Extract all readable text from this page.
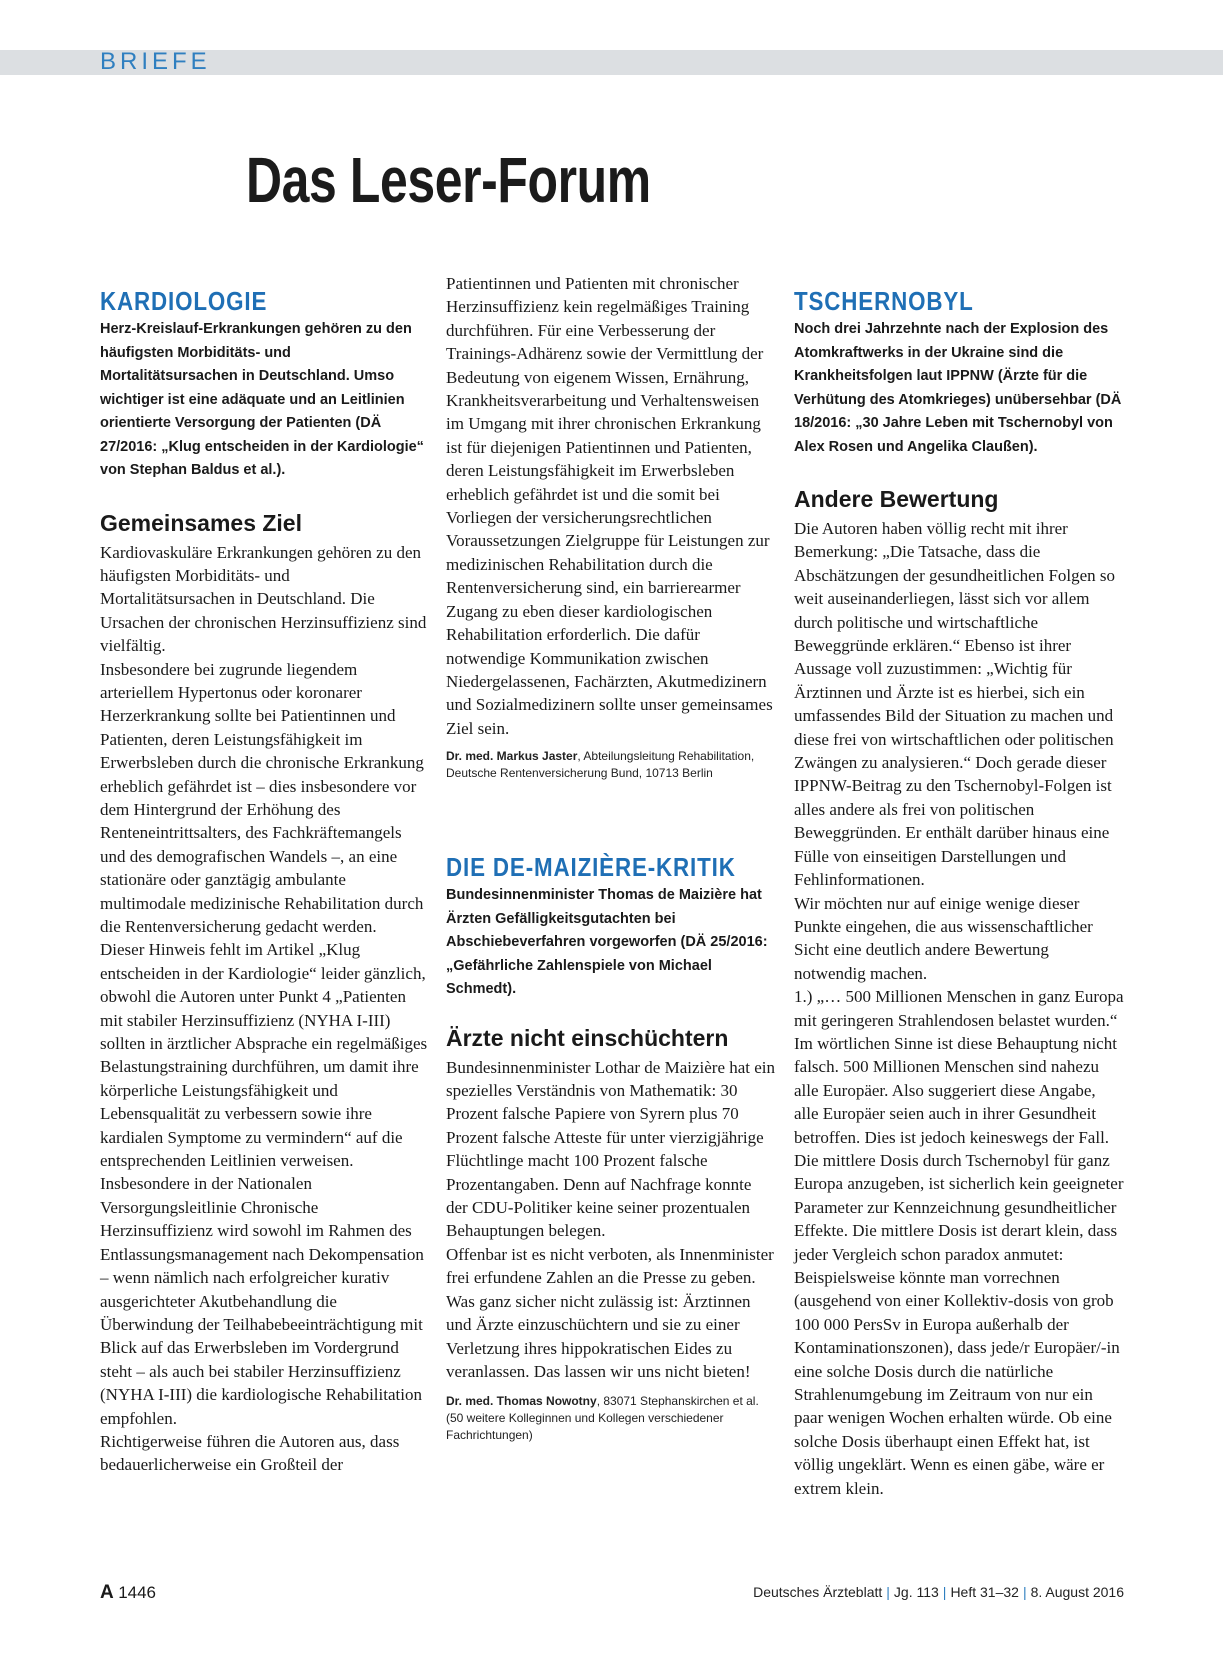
BRIEFE
Das Leser-Forum
KARDIOLOGIE

Herz-Kreislauf-Erkrankungen gehören zu den häufigsten Morbiditäts- und Mortalitätsursachen in Deutschland. Umso wichtiger ist eine adäquate und an Leitlinien orientierte Versorgung der Patienten (DÄ 27/2016: „Klug entscheiden in der Kardiologie“ von Stephan Baldus et al.).

Gemeinsames Ziel

Kardiovaskuläre Erkrankungen gehören zu den häufigsten Morbiditäts- und Mortalitätsursachen in Deutschland. Die Ursachen der chronischen Herzinsuffizienz sind vielfältig.

Insbesondere bei zugrunde liegendem arteriellem Hypertonus oder koronarer Herzerkrankung sollte bei Patientinnen und Patienten, deren Leistungsfähigkeit im Erwerbsleben durch die chronische Erkrankung erheblich gefährdet ist – dies insbesondere vor dem Hintergrund der Erhöhung des Renteneintrittsalters, des Fachkräftemangels und des demografischen Wandels –, an eine stationäre oder ganztägig ambulante multimodale medizinische Rehabilitation durch die Rentenversicherung gedacht werden.

Dieser Hinweis fehlt im Artikel „Klug entscheiden in der Kardiologie“ leider gänzlich, obwohl die Autoren unter Punkt 4 „Patienten mit stabiler Herzinsuffizienz (NYHA I-III) sollten in ärztlicher Absprache ein regelmäßiges Belastungstraining durchführen, um damit ihre körperliche Leistungsfähigkeit und Lebensqualität zu verbessern sowie ihre kardialen Symptome zu vermindern“ auf die entsprechenden Leitlinien verweisen.

Insbesondere in der Nationalen Versorgungsleitlinie Chronische Herzinsuffizienz wird sowohl im Rahmen des Entlassungsmanagement nach Dekompensation – wenn nämlich nach erfolgreicher kurativ ausgerichteter Akutbehandlung die Überwindung der Teilhabebeeinträchtigung mit Blick auf das Erwerbsleben im Vordergrund steht – als auch bei stabiler Herzinsuffizienz (NYHA I-III) die kardiologische Rehabilitation empfohlen.

Richtigerweise führen die Autoren aus, dass bedauerlicherweise ein Großteil der

Patientinnen und Patienten mit chronischer Herzinsuffizienz kein regelmäßiges Training durchführen. Für eine Verbesserung der Trainings-Adhärenz sowie der Vermittlung der Bedeutung von eigenem Wissen, Ernährung, Krankheitsverarbeitung und Verhaltensweisen im Umgang mit ihrer chronischen Erkrankung ist für diejenigen Patientinnen und Patienten, deren Leistungsfähigkeit im Erwerbsleben erheblich gefährdet ist und die somit bei Vorliegen der versicherungsrechtlichen Voraussetzungen Zielgruppe für Leistungen zur medizinischen Rehabilitation durch die Rentenversicherung sind, ein barrierearmer Zugang zu eben dieser kardiologischen Rehabilitation erforderlich. Die dafür notwendige Kommunikation zwischen Niedergelassenen, Fachärzten, Akutmedizinern und Sozialmedizinern sollte unser gemeinsames Ziel sein.

Dr. med. Markus Jaster, Abteilungsleitung Rehabilitation, Deutsche Rentenversicherung Bund, 10713 Berlin

DIE DE-MAIZIÈRE-KRITIK

Bundesinnenminister Thomas de Maizière hat Ärzten Gefälligkeitsgutachten bei Abschiebeverfahren vorgeworfen (DÄ 25/2016: „Gefährliche Zahlenspiele von Michael Schmedt).

Ärzte nicht einschüchtern

Bundesinnenminister Lothar de Maizière hat ein spezielles Verständnis von Mathematik: 30 Prozent falsche Papiere von Syrern plus 70 Prozent falsche Atteste für unter vierzigjährige Flüchtlinge macht 100 Prozent falsche Prozentangaben. Denn auf Nachfrage konnte der CDU-Politiker keine seiner prozentualen Behauptungen belegen.

Offenbar ist es nicht verboten, als Innenminister frei erfundene Zahlen an die Presse zu geben. Was ganz sicher nicht zulässig ist: Ärztinnen und Ärzte einzuschüchtern und sie zu einer Verletzung ihres hippokratischen Eides zu veranlassen. Das lassen wir uns nicht bieten!

Dr. med. Thomas Nowotny, 83071 Stephanskirchen et al. (50 weitere Kolleginnen und Kollegen verschiedener Fachrichtungen)

TSCHERNOBYL

Noch drei Jahrzehnte nach der Explosion des Atomkraftwerks in der Ukraine sind die Krankheitsfolgen laut IPPNW (Ärzte für die Verhütung des Atomkrieges) unübersehbar (DÄ 18/2016: „30 Jahre Leben mit Tschernobyl von Alex Rosen und Angelika Claußen).

Andere Bewertung

Die Autoren haben völlig recht mit ihrer Bemerkung: „Die Tatsache, dass die Abschätzungen der gesundheitlichen Folgen so weit auseinanderliegen, lässt sich vor allem durch politische und wirtschaftliche Beweggründe erklären.“ Ebenso ist ihrer Aussage voll zuzustimmen: „Wichtig für Ärztinnen und Ärzte ist es hierbei, sich ein umfassendes Bild der Situation zu machen und diese frei von wirtschaftlichen oder politischen Zwängen zu analysieren.“ Doch gerade dieser IPPNW-Beitrag zu den Tschernobyl-Folgen ist alles andere als frei von politischen Beweggründen. Er enthält darüber hinaus eine Fülle von einseitigen Darstellungen und Fehlinformationen.

Wir möchten nur auf einige wenige dieser Punkte eingehen, die aus wissenschaftlicher Sicht eine deutlich andere Bewertung notwendig machen.

1.) „… 500 Millionen Menschen in ganz Europa mit geringeren Strahlendosen belastet wurden.“ Im wörtlichen Sinne ist diese Behauptung nicht falsch. 500 Millionen Menschen sind nahezu alle Europäer. Also suggeriert diese Angabe, alle Europäer seien auch in ihrer Gesundheit betroffen. Dies ist jedoch keineswegs der Fall. Die mittlere Dosis durch Tschernobyl für ganz Europa anzugeben, ist sicherlich kein geeigneter Parameter zur Kennzeichnung gesundheitlicher Effekte. Die mittlere Dosis ist derart klein, dass jeder Vergleich schon paradox anmutet: Beispielsweise könnte man vorrechnen (ausgehend von einer Kollektiv-dosis von grob 100 000 PersSv in Europa außerhalb der Kontaminationszonen), dass jede/r Europäer/-in eine solche Dosis durch die natürliche Strahlenumgebung im Zeitraum von nur ein paar wenigen Wochen erhalten würde. Ob eine solche Dosis überhaupt einen Effekt hat, ist völlig ungeklärt. Wenn es einen gäbe, wäre er extrem klein.

A 1446	Deutsches Ärzteblatt | Jg. 113 | Heft 31–32 | 8. August 2016
